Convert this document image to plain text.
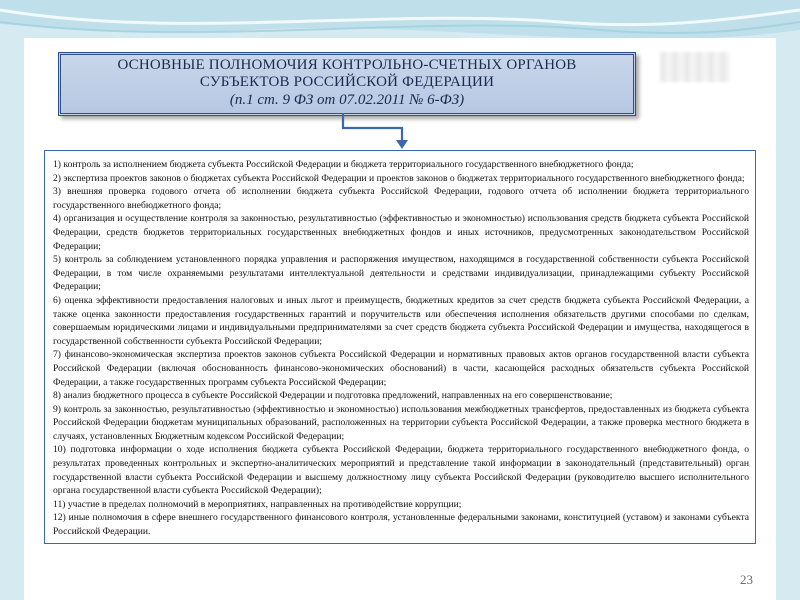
ОСНОВНЫЕ ПОЛНОМОЧИЯ КОНТРОЛЬНО-СЧЕТНЫХ ОРГАНОВ
СУБЪЕКТОВ РОССИЙСКОЙ ФЕДЕРАЦИИ
(п.1 ст. 9 ФЗ от 07.02.2011 № 6-ФЗ)
1) контроль за исполнением бюджета субъекта Российской Федерации и бюджета территориального государственного внебюджетного фонда;
2) экспертиза проектов законов о бюджетах субъекта Российской Федерации и проектов законов о бюджетах территориального государственного внебюджетного фонда;
3) внешняя проверка годового отчета об исполнении бюджета субъекта Российской Федерации, годового отчета об исполнении бюджета территориального государственного внебюджетного фонда;
4) организация и осуществление контроля за законностью, результативностью (эффективностью и экономностью) использования средств бюджета субъекта Российской Федерации, средств бюджетов территориальных государственных внебюджетных фондов и иных источников, предусмотренных законодательством Российской Федерации;
5) контроль за соблюдением установленного порядка управления и распоряжения имуществом, находящимся в государственной собственности субъекта Российской Федерации, в том числе охраняемыми результатами интеллектуальной деятельности и средствами индивидуализации, принадлежащими субъекту Российской Федерации;
6) оценка эффективности предоставления налоговых и иных льгот и преимуществ, бюджетных кредитов за счет средств бюджета субъекта Российской Федерации, а также оценка законности предоставления государственных гарантий и поручительств или обеспечения исполнения обязательств другими способами по сделкам, совершаемым юридическими лицами и индивидуальными предпринимателями за счет средств бюджета субъекта Российской Федерации и имущества, находящегося в государственной собственности субъекта Российской Федерации;
7) финансово-экономическая экспертиза проектов законов субъекта Российской Федерации и нормативных правовых актов органов государственной власти субъекта Российской Федерации (включая обоснованность финансово-экономических обоснований) в части, касающейся расходных обязательств субъекта Российской Федерации, а также государственных программ субъекта Российской Федерации;
8) анализ бюджетного процесса в субъекте Российской Федерации и подготовка предложений, направленных на его совершенствование;
9) контроль за законностью, результативностью (эффективностью и экономностью) использования межбюджетных трансфертов, предоставленных из бюджета субъекта Российской Федерации бюджетам муниципальных образований, расположенных на территории субъекта Российской Федерации, а также проверка местного бюджета в случаях, установленных Бюджетным кодексом Российской Федерации;
10) подготовка информации о ходе исполнения бюджета субъекта Российской Федерации, бюджета территориального государственного внебюджетного фонда, о результатах проведенных контрольных и экспертно-аналитических мероприятий и представление такой информации в законодательный (представительный) орган государственной власти субъекта Российской Федерации и высшему должностному лицу субъекта Российской Федерации (руководителю высшего исполнительного органа государственной власти субъекта Российской Федерации);
11) участие в пределах полномочий в мероприятиях, направленных на противодействие коррупции;
12) иные полномочия в сфере внешнего государственного финансового контроля, установленные федеральными законами, конституцией (уставом) и законами субъекта Российской Федерации.
23
